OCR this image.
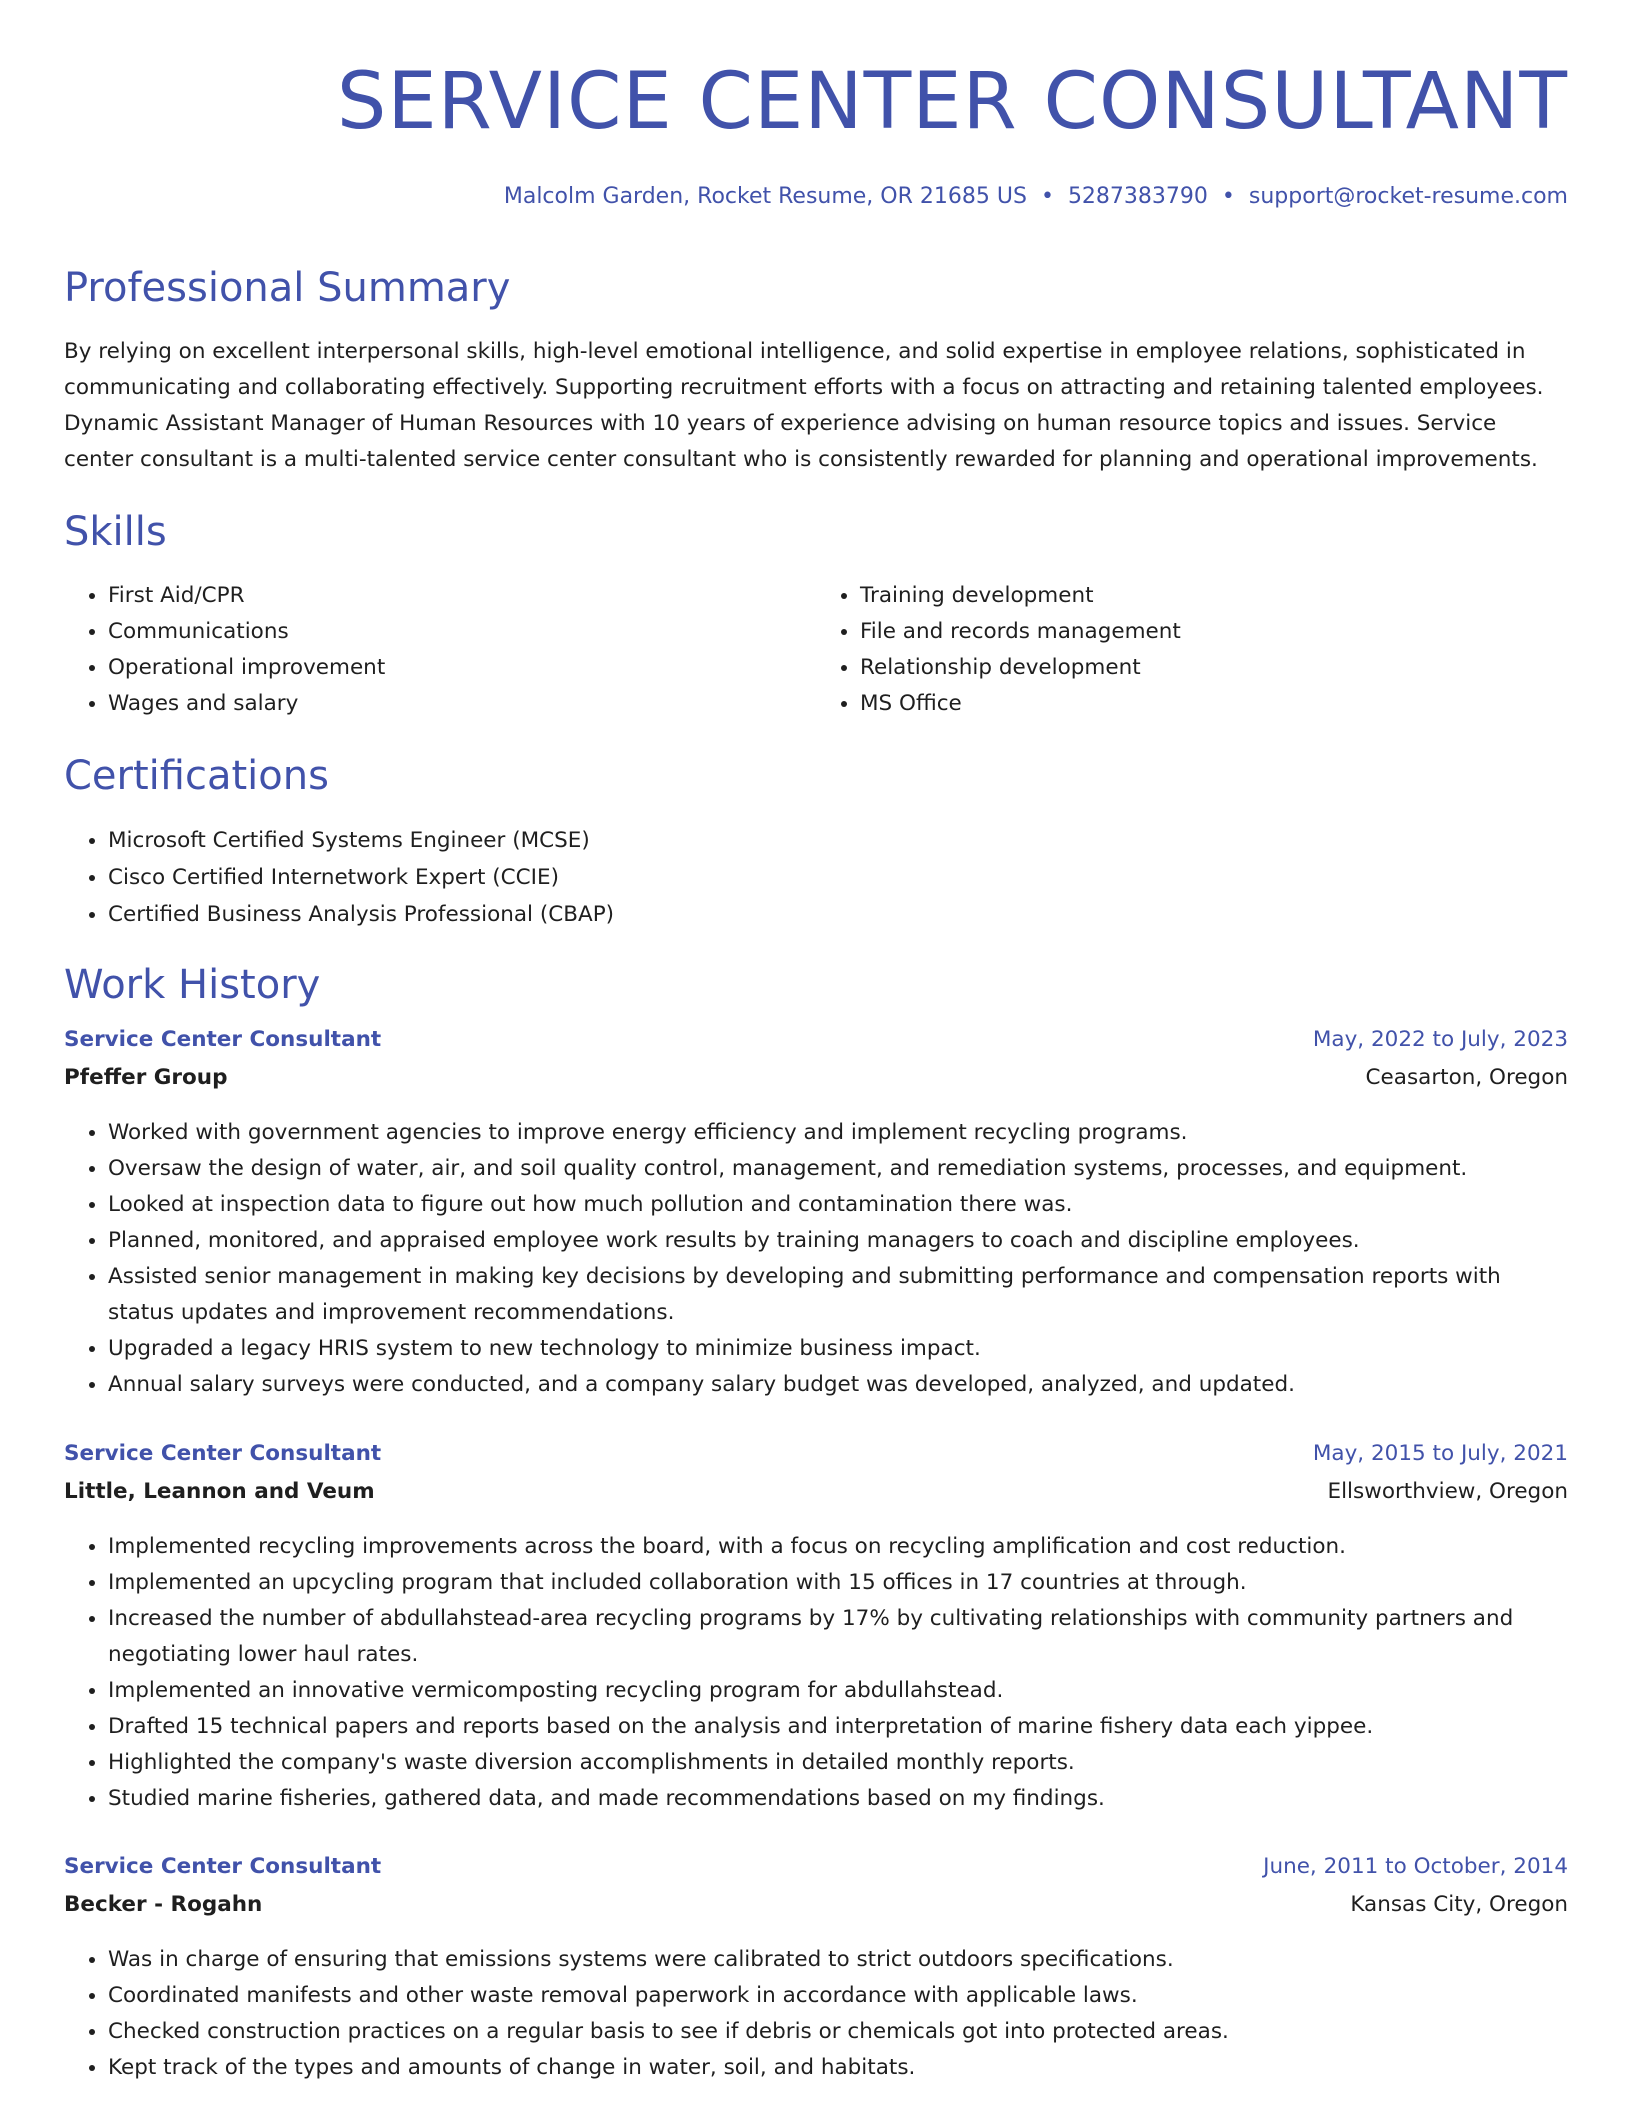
SERVICE CENTER CONSULTANT
Malcolm Garden, Rocket Resume, OR 21685 US • 5287383790 • support@rocket-resume.com
Professional Summary

By relying on excellent interpersonal skills, high-level emotional intelligence, and solid expertise in employee relations, sophisticated in communicating and collaborating effectively. Supporting recruitment efforts with a focus on attracting and retaining talented employees. Dynamic Assistant Manager of Human Resources with 10 years of experience advising on human resource topics and issues. Service center consultant is a multi-talented service center consultant who is consistently rewarded for planning and operational improvements.

Skills
• First Aid/CPR
• Communications
• Operational improvement
• Wages and salary
• Training development
• File and records management
• Relationship development
• MS Office
Certifications
• Microsoft Certified Systems Engineer (MCSE)
• Cisco Certified Internetwork Expert (CCIE)
• Certified Business Analysis Professional (CBAP)
Work History
Service Center Consultant	May, 2022 to July, 2023
Pfeffer Group	Ceasarton, Oregon
• Worked with government agencies to improve energy efficiency and implement recycling programs.
• Oversaw the design of water, air, and soil quality control, management, and remediation systems, processes, and equipment.
• Looked at inspection data to figure out how much pollution and contamination there was.
• Planned, monitored, and appraised employee work results by training managers to coach and discipline employees.
• Assisted senior management in making key decisions by developing and submitting performance and compensation reports with status updates and improvement recommendations.
• Upgraded a legacy HRIS system to new technology to minimize business impact.
• Annual salary surveys were conducted, and a company salary budget was developed, analyzed, and updated.
Service Center Consultant	May, 2015 to July, 2021
Little, Leannon and Veum	Ellsworthview, Oregon
• Implemented recycling improvements across the board, with a focus on recycling amplification and cost reduction.
• Implemented an upcycling program that included collaboration with 15 offices in 17 countries at through.
• Increased the number of abdullahstead-area recycling programs by 17% by cultivating relationships with community partners and negotiating lower haul rates.
• Implemented an innovative vermicomposting recycling program for abdullahstead.
• Drafted 15 technical papers and reports based on the analysis and interpretation of marine fishery data each yippee.
• Highlighted the company's waste diversion accomplishments in detailed monthly reports.
• Studied marine fisheries, gathered data, and made recommendations based on my findings.
Service Center Consultant	June, 2011 to October, 2014
Becker - Rogahn	Kansas City, Oregon
• Was in charge of ensuring that emissions systems were calibrated to strict outdoors specifications.
• Coordinated manifests and other waste removal paperwork in accordance with applicable laws.
• Checked construction practices on a regular basis to see if debris or chemicals got into protected areas.
• Kept track of the types and amounts of change in water, soil, and habitats.
